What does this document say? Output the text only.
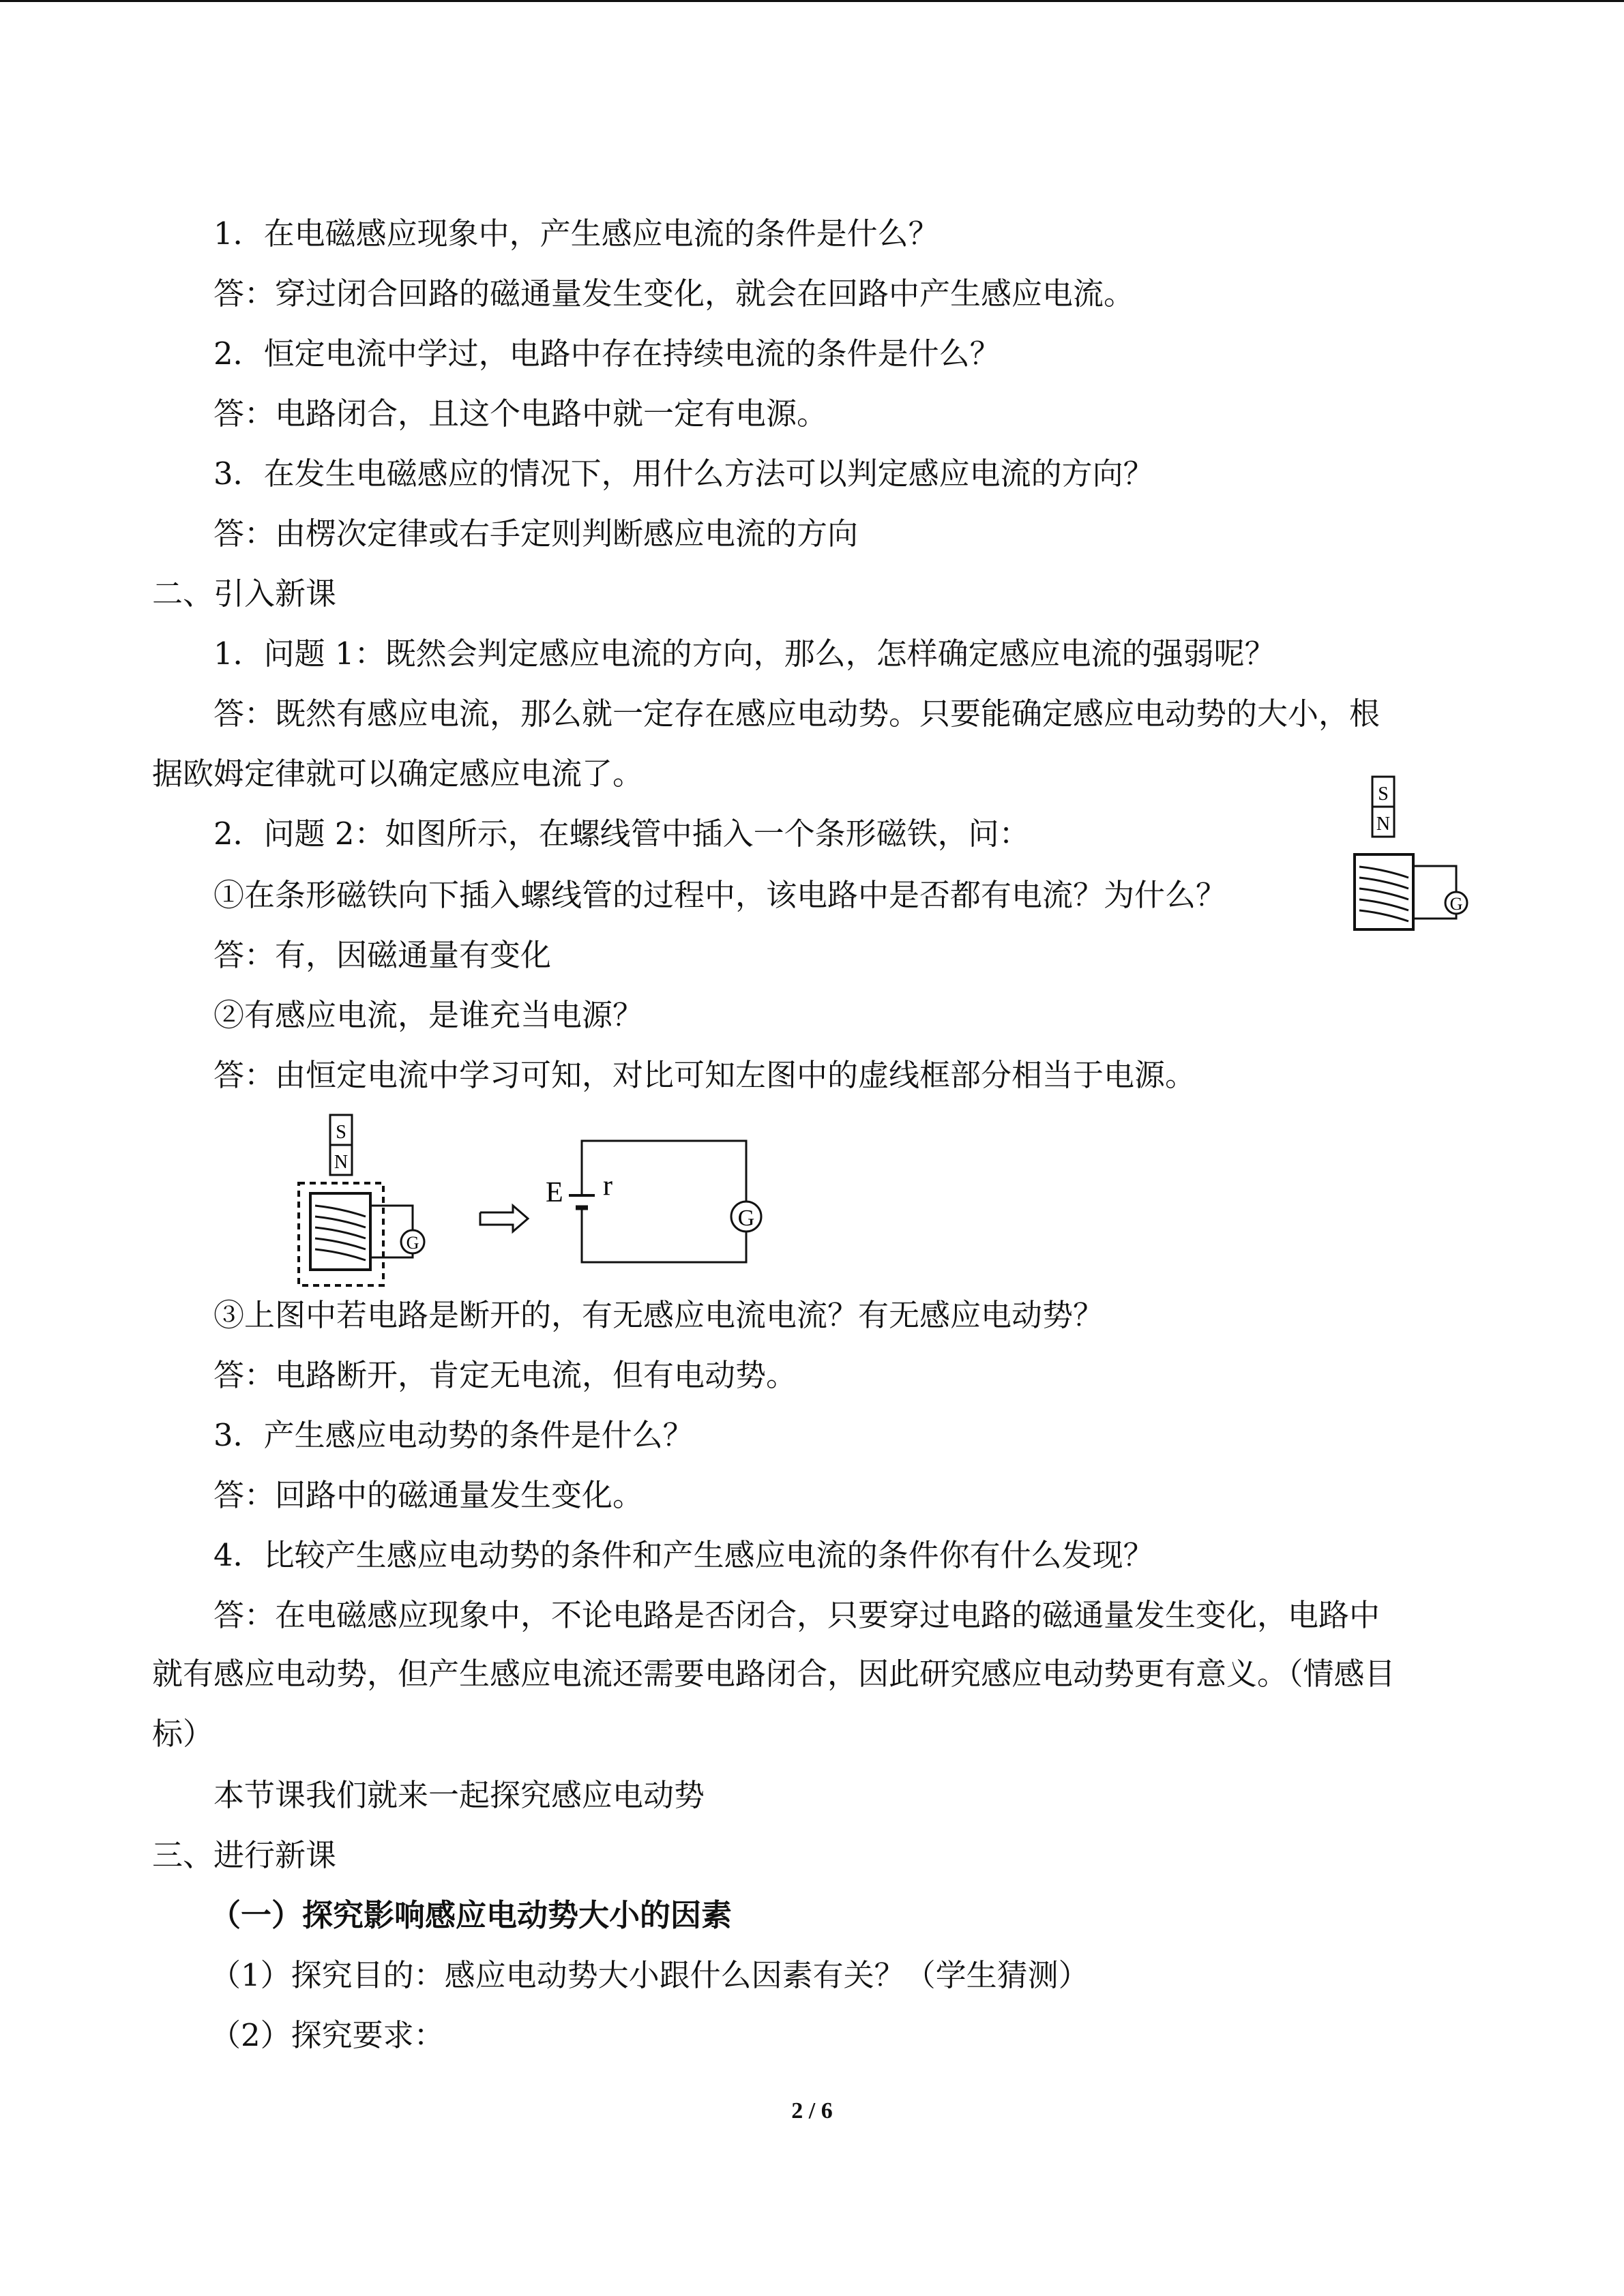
1．在电磁感应现象中，产生感应电流的条件是什么？

答：穿过闭合回路的磁通量发生变化，就会在回路中产生感应电流。

2．恒定电流中学过，电路中存在持续电流的条件是什么？

答：电路闭合，且这个电路中就一定有电源。

3．在发生电磁感应的情况下，用什么方法可以判定感应电流的方向？

答：由楞次定律或右手定则判断感应电流的方向

二、引入新课

1．问题 1：既然会判定感应电流的方向，那么，怎样确定感应电流的强弱呢？

答：既然有感应电流，那么就一定存在感应电动势。只要能确定感应电动势的大小，根

据欧姆定律就可以确定感应电流了。

2．问题 2：如图所示，在螺线管中插入一个条形磁铁，问：

①在条形磁铁向下插入螺线管的过程中，该电路中是否都有电流？为什么？

答：有，因磁通量有变化

②有感应电流，是谁充当电源？

答：由恒定电流中学习可知，对比可知左图中的虚线框部分相当于电源。

③上图中若电路是断开的，有无感应电流电流？有无感应电动势？

答：电路断开，肯定无电流，但有电动势。

3．产生感应电动势的条件是什么？

答：回路中的磁通量发生变化。

4．比较产生感应电动势的条件和产生感应电流的条件你有什么发现？

答：在电磁感应现象中，不论电路是否闭合，只要穿过电路的磁通量发生变化，电路中

就有感应电动势，但产生感应电流还需要电路闭合，因此研究感应电动势更有意义。（情感目

标）

本节课我们就来一起探究感应电动势

三、进行新课

（一）探究影响感应电动势大小的因素

（1）探究目的：感应电动势大小跟什么因素有关？（学生猜测）

（2）探究要求：

S
N
G
S
N
G
E r
G
2 / 6
